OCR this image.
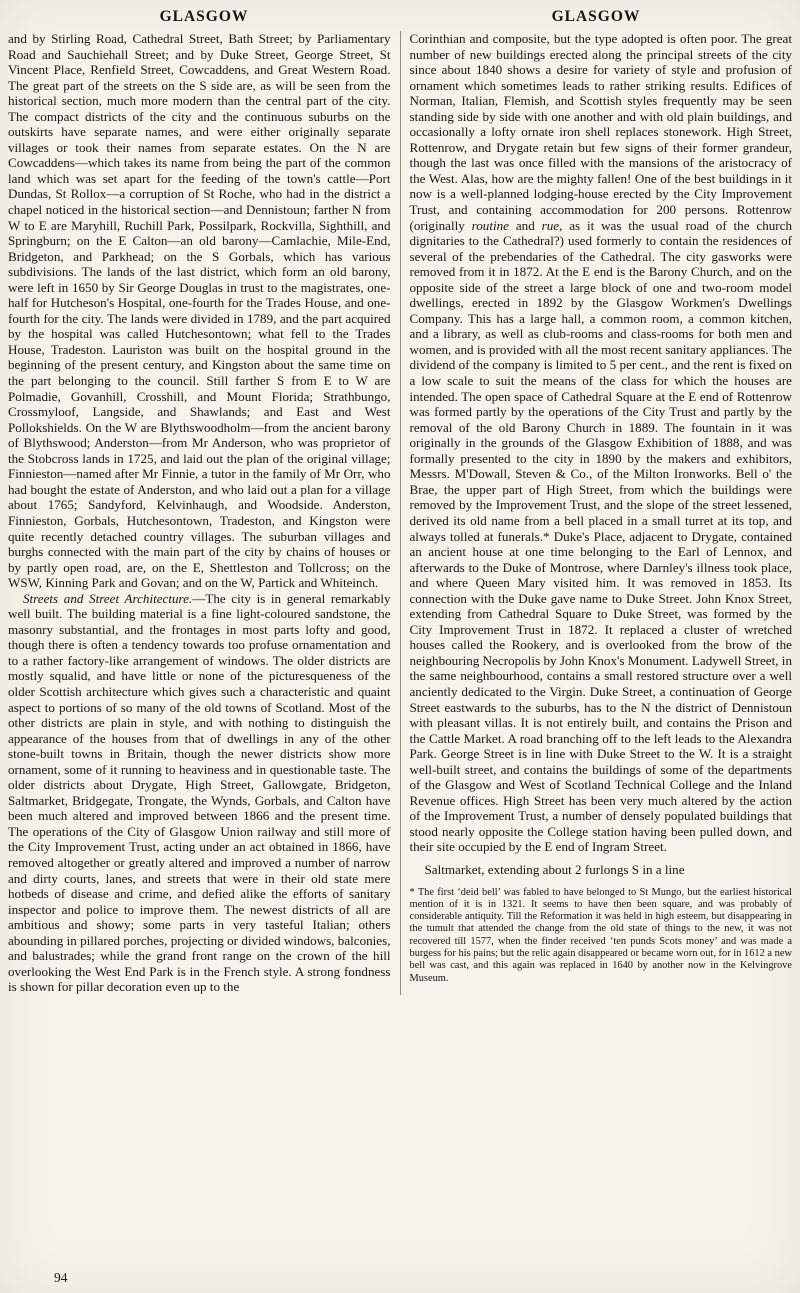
GLASGOW	GLASGOW

and by Stirling Road, Cathedral Street, Bath Street; by Parliamentary Road and Sauchiehall Street; and by Duke Street, George Street, St Vincent Place, Renfield Street, Cowcaddens, and Great Western Road. The great part of the streets on the S side are, as will be seen from the historical section, much more modern than the central part of the city. The compact districts of the city and the continuous suburbs on the outskirts have separate names, and were either originally separate villages or took their names from separate estates. On the N are Cowcaddens—which takes its name from being the part of the common land which was set apart for the feeding of the town's cattle—Port Dundas, St Rollox—a corruption of St Roche, who had in the district a chapel noticed in the historical section—and Dennistoun; farther N from W to E are Maryhill, Ruchill Park, Possilpark, Rockvilla, Sighthill, and Springburn; on the E Calton—an old barony—Camlachie, Mile-End, Bridgeton, and Parkhead; on the S Gorbals, which has various subdivisions. The lands of the last district, which form an old barony, were left in 1650 by Sir George Douglas in trust to the magistrates, one-half for Hutcheson's Hospital, one-fourth for the Trades House, and one-fourth for the city. The lands were divided in 1789, and the part acquired by the hospital was called Hutchesontown; what fell to the Trades House, Tradeston. Lauriston was built on the hospital ground in the beginning of the present century, and Kingston about the same time on the part belonging to the council. Still farther S from E to W are Polmadie, Govanhill, Crosshill, and Mount Florida; Strathbungo, Crossmyloof, Langside, and Shawlands; and East and West Pollokshields. On the W are Blythswoodholm—from the ancient barony of Blythswood; Anderston—from Mr Anderson, who was proprietor of the Stobcross lands in 1725, and laid out the plan of the original village; Finnieston—named after Mr Finnie, a tutor in the family of Mr Orr, who had bought the estate of Anderston, and who laid out a plan for a village about 1765; Sandyford, Kelvinhaugh, and Woodside. Anderston, Finnieston, Gorbals, Hutchesontown, Tradeston, and Kingston were quite recently detached country villages. The suburban villages and burghs connected with the main part of the city by chains of houses or by partly open road, are, on the E, Shettleston and Tollcross; on the WSW, Kinning Park and Govan; and on the W, Partick and Whiteinch.

Streets and Street Architecture.—The city is in general remarkably well built. The building material is a fine light-coloured sandstone, the masonry substantial, and the frontages in most parts lofty and good, though there is often a tendency towards too profuse ornamentation and to a rather factory-like arrangement of windows. The older districts are mostly squalid, and have little or none of the picturesqueness of the older Scottish architecture which gives such a characteristic and quaint aspect to portions of so many of the old towns of Scotland. Most of the other districts are plain in style, and with nothing to distinguish the appearance of the houses from that of dwellings in any of the other stone-built towns in Britain, though the newer districts show more ornament, some of it running to heaviness and in questionable taste. The older districts about Drygate, High Street, Gallowgate, Bridgeton, Saltmarket, Bridgegate, Trongate, the Wynds, Gorbals, and Calton have been much altered and improved between 1866 and the present time. The operations of the City of Glasgow Union railway and still more of the City Improvement Trust, acting under an act obtained in 1866, have removed altogether or greatly altered and improved a number of narrow and dirty courts, lanes, and streets that were in their old state mere hotbeds of disease and crime, and defied alike the efforts of sanitary inspector and police to improve them. The newest districts of all are ambitious and showy; some parts in very tasteful Italian; others abounding in pillared porches, projecting or divided windows, balconies, and balustrades; while the grand front range on the crown of the hill overlooking the West End Park is in the French style. A strong fondness is shown for pillar decoration even up to the

Corinthian and composite, but the type adopted is often poor. The great number of new buildings erected along the principal streets of the city since about 1840 shows a desire for variety of style and profusion of ornament which sometimes leads to rather striking results. Edifices of Norman, Italian, Flemish, and Scottish styles frequently may be seen standing side by side with one another and with old plain buildings, and occasionally a lofty ornate iron shell replaces stonework. High Street, Rottenrow, and Drygate retain but few signs of their former grandeur, though the last was once filled with the mansions of the aristocracy of the West. Alas, how are the mighty fallen! One of the best buildings in it now is a well-planned lodging-house erected by the City Improvement Trust, and containing accommodation for 200 persons. Rottenrow (originally routine and rue, as it was the usual road of the church dignitaries to the Cathedral?) used formerly to contain the residences of several of the prebendaries of the Cathedral. The city gasworks were removed from it in 1872. At the E end is the Barony Church, and on the opposite side of the street a large block of one and two-room model dwellings, erected in 1892 by the Glasgow Workmen's Dwellings Company. This has a large hall, a common room, a common kitchen, and a library, as well as club-rooms and class-rooms for both men and women, and is provided with all the most recent sanitary appliances. The dividend of the company is limited to 5 per cent., and the rent is fixed on a low scale to suit the means of the class for which the houses are intended. The open space of Cathedral Square at the E end of Rottenrow was formed partly by the operations of the City Trust and partly by the removal of the old Barony Church in 1889. The fountain in it was originally in the grounds of the Glasgow Exhibition of 1888, and was formally presented to the city in 1890 by the makers and exhibitors, Messrs. M'Dowall, Steven & Co., of the Milton Ironworks. Bell o' the Brae, the upper part of High Street, from which the buildings were removed by the Improvement Trust, and the slope of the street lessened, derived its old name from a bell placed in a small turret at its top, and always tolled at funerals.* Duke's Place, adjacent to Drygate, contained an ancient house at one time belonging to the Earl of Lennox, and afterwards to the Duke of Montrose, where Darnley's illness took place, and where Queen Mary visited him. It was removed in 1853. Its connection with the Duke gave name to Duke Street. John Knox Street, extending from Cathedral Square to Duke Street, was formed by the City Improvement Trust in 1872. It replaced a cluster of wretched houses called the Rookery, and is overlooked from the brow of the neighbouring Necropolis by John Knox's Monument. Ladywell Street, in the same neighbourhood, contains a small restored structure over a well anciently dedicated to the Virgin. Duke Street, a continuation of George Street eastwards to the suburbs, has to the N the district of Dennistoun with pleasant villas. It is not entirely built, and contains the Prison and the Cattle Market. A road branching off to the left leads to the Alexandra Park. George Street is in line with Duke Street to the W. It is a straight well-built street, and contains the buildings of some of the departments of the Glasgow and West of Scotland Technical College and the Inland Revenue offices. High Street has been very much altered by the action of the Improvement Trust, a number of densely populated buildings that stood nearly opposite the College station having been pulled down, and their site occupied by the E end of Ingram Street.

Saltmarket, extending about 2 furlongs S in a line

* The first ‘deid bell’ was fabled to have belonged to St Mungo, but the earliest historical mention of it is in 1321. It seems to have then been square, and was probably of considerable antiquity. Till the Reformation it was held in high esteem, but disappearing in the tumult that attended the change from the old state of things to the new, it was not recovered till 1577, when the finder received ‘ten punds Scots money’ and was made a burgess for his pains; but the relic again disappeared or became worn out, for in 1612 a new bell was cast, and this again was replaced in 1640 by another now in the Kelvingrove Museum.
94
